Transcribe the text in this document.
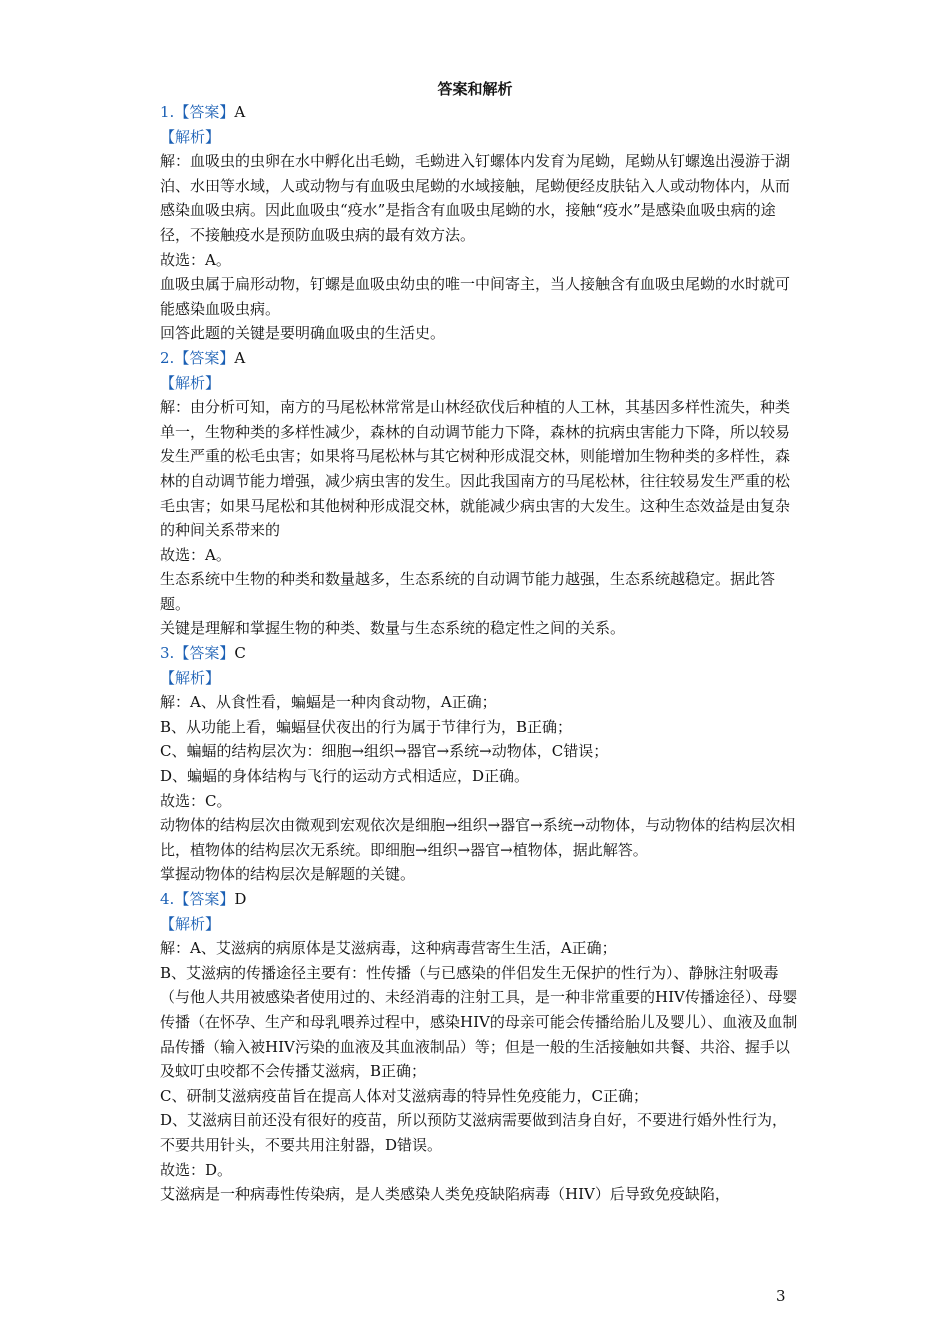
答案和解析

1.【答案】A

【解析】

解：血吸虫的虫卵在水中孵化出毛蚴，毛蚴进入钉螺体内发育为尾蚴，尾蚴从钉螺逸出漫游于湖泊、水田等水域，人或动物与有血吸虫尾蚴的水域接触，尾蚴便经皮肤钻入人或动物体内，从而感染血吸虫病。因此血吸虫“疫水”是指含有血吸虫尾蚴的水，接触“疫水”是感染血吸虫病的途径，不接触疫水是预防血吸虫病的最有效方法。

故选：A。

血吸虫属于扁形动物，钉螺是血吸虫幼虫的唯一中间寄主，当人接触含有血吸虫尾蚴的水时就可能感染血吸虫病。

回答此题的关键是要明确血吸虫的生活史。

2.【答案】A

【解析】

解：由分析可知，南方的马尾松林常常是山林经砍伐后种植的人工林，其基因多样性流失，种类单一，生物种类的多样性减少，森林的自动调节能力下降，森林的抗病虫害能力下降，所以较易发生严重的松毛虫害；如果将马尾松林与其它树种形成混交林，则能增加生物种类的多样性，森林的自动调节能力增强，减少病虫害的发生。因此我国南方的马尾松林，往往较易发生严重的松毛虫害；如果马尾松和其他树种形成混交林，就能减少病虫害的大发生。这种生态效益是由复杂的种间关系带来的

故选：A。

生态系统中生物的种类和数量越多，生态系统的自动调节能力越强，生态系统越稳定。据此答题。

关键是理解和掌握生物的种类、数量与生态系统的稳定性之间的关系。

3.【答案】C

【解析】

解：A、从食性看，蝙蝠是一种肉食动物，A正确；

B、从功能上看，蝙蝠昼伏夜出的行为属于节律行为，B正确；

C、蝙蝠的结构层次为：细胞→组织→器官→系统→动物体，C错误；

D、蝙蝠的身体结构与飞行的运动方式相适应，D正确。

故选：C。

动物体的结构层次由微观到宏观依次是细胞→组织→器官→系统→动物体，与动物体的结构层次相比，植物体的结构层次无系统。即细胞→组织→器官→植物体，据此解答。

掌握动物体的结构层次是解题的关键。

4.【答案】D

【解析】

解：A、艾滋病的病原体是艾滋病毒，这种病毒营寄生生活，A正确；

B、艾滋病的传播途径主要有：性传播（与已感染的伴侣发生无保护的性行为）、静脉注射吸毒（与他人共用被感染者使用过的、未经消毒的注射工具，是一种非常重要的HIV传播途径）、母婴传播（在怀孕、生产和母乳喂养过程中，感染HIV的母亲可能会传播给胎儿及婴儿）、血液及血制品传播（输入被HIV污染的血液及其血液制品）等；但是一般的生活接触如共餐、共浴、握手以及蚊叮虫咬都不会传播艾滋病，B正确；

C、研制艾滋病疫苗旨在提高人体对艾滋病毒的特异性免疫能力，C正确；

D、艾滋病目前还没有很好的疫苗，所以预防艾滋病需要做到洁身自好，不要进行婚外性行为，不要共用针头，不要共用注射器，D错误。

故选：D。

艾滋病是一种病毒性传染病，是人类感染人类免疫缺陷病毒（HIV）后导致免疫缺陷，

3
